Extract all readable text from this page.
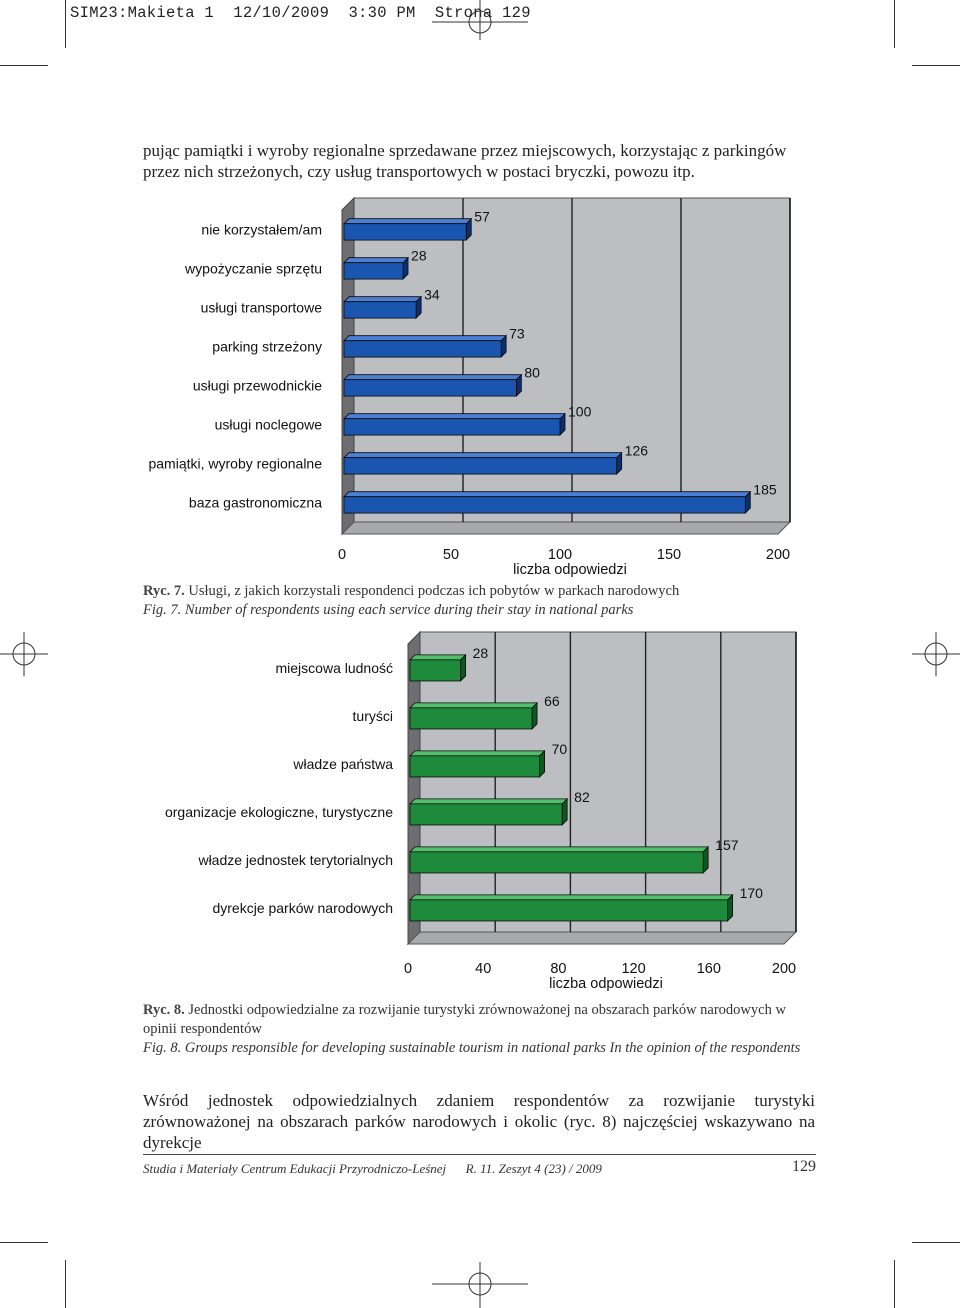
SIM23:Makieta 1  12/10/2009  3:30 PM  Strona 129
pując pamiątki i wyroby regionalne sprzedawane przez miejscowych, korzystając z parkingów przez nich strzeżonych, czy usług transportowych w postaci bryczki, powozu itp.
nie korzystałem/am
57
wypożyczanie sprzętu
28
usługi transportowe
34
parking strzeżony
73
usługi przewodnickie
80
usługi noclegowe
100
pamiątki, wyroby regionalne
126
baza gastronomiczna
185
0	50	100	150	200
liczba odpowiedzi
Ryc. 7. Usługi, z jakich korzystali respondenci podczas ich pobytów w parkach narodowych
Fig. 7. Number of respondents using each service during their stay in national parks
miejscowa ludność
28
turyści
66
władze państwa
70
organizacje ekologiczne, turystyczne
82
władze jednostek terytorialnych
157
dyrekcje parków narodowych
170
0	40	80	120	160	200
liczba odpowiedzi
Ryc. 8. Jednostki odpowiedzialne za rozwijanie turystyki zrównoważonej na obszarach parków narodowych w opinii respondentów
Fig. 8. Groups responsible for developing sustainable tourism in national parks In the opinion of the respondents
Wśród jednostek odpowiedzialnych zdaniem respondentów za rozwijanie turystyki zrównoważonej na obszarach parków narodowych i okolic (ryc. 8) najczęściej wskazywano na dyrekcje
Studia i Materiały Centrum Edukacji Przyrodniczo-Leśnej      R. 11. Zeszyt 4 (23) / 2009	129
